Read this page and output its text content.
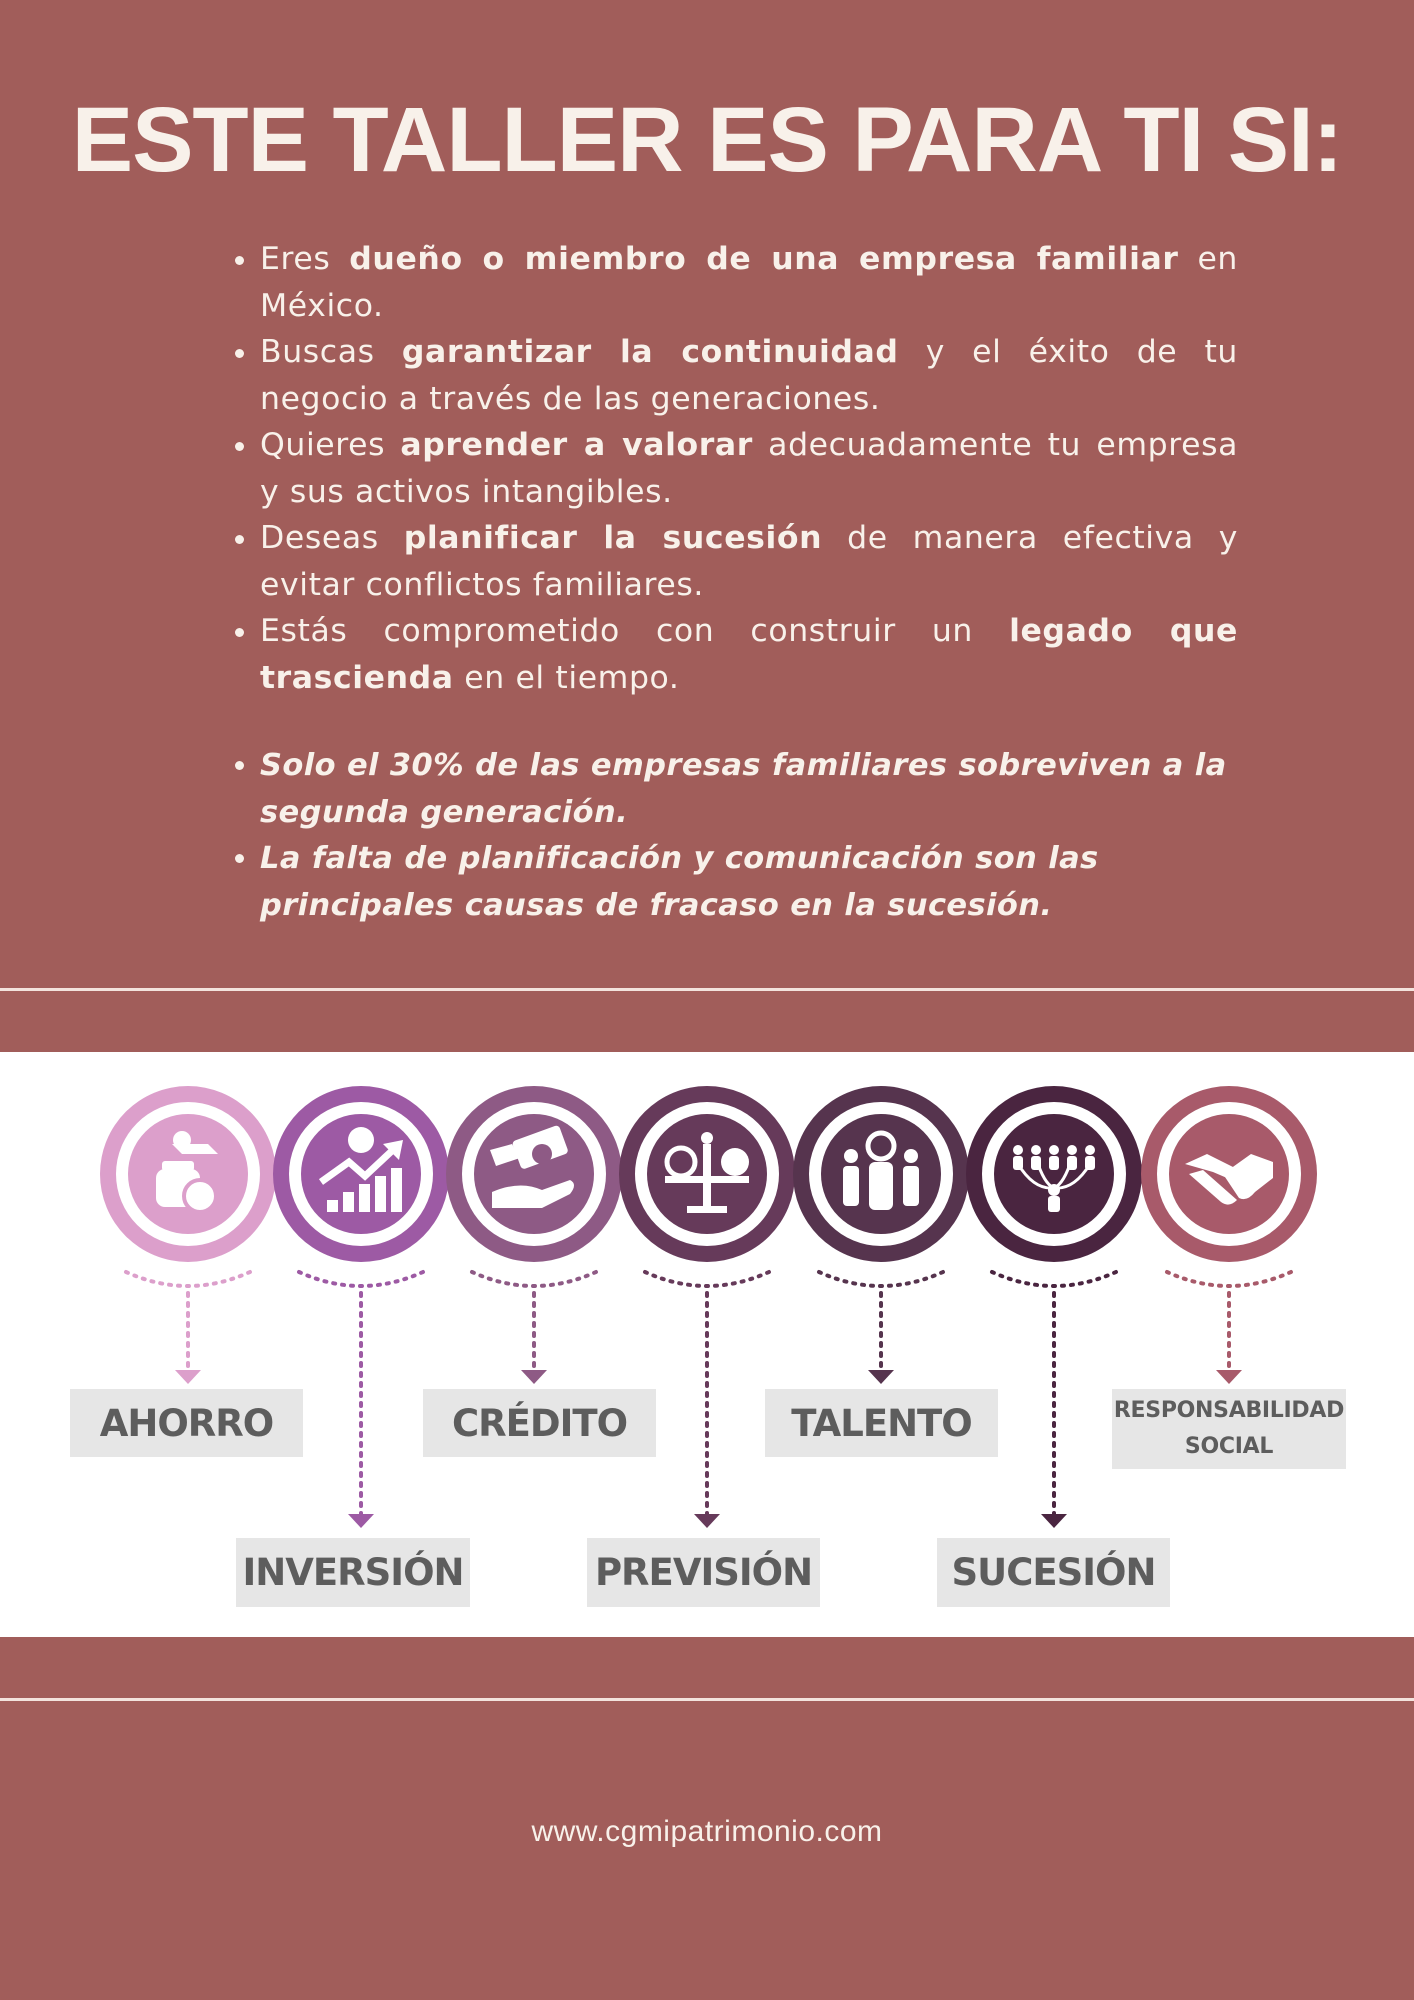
ESTE TALLER ES PARA TI SI:
• Eres dueño o miembro de una empresa familiar en México.
• Buscas garantizar la continuidad y el éxito de tu negocio a través de las generaciones.
• Quieres aprender a valorar adecuadamente tu empresa y sus activos intangibles.
• Deseas planificar la sucesión de manera efectiva y evitar conflictos familiares.
• Estás comprometido con construir un legado que trascienda en el tiempo.
• Solo el 30% de las empresas familiares sobreviven a la segunda generación.
• La falta de planificación y comunicación son las principales causas de fracaso en la sucesión.
AHORRO
INVERSIÓN
CRÉDITO
PREVISIÓN
TALENTO
SUCESIÓN
RESPONSABILIDAD
SOCIAL
www.cgmipatrimonio.com
